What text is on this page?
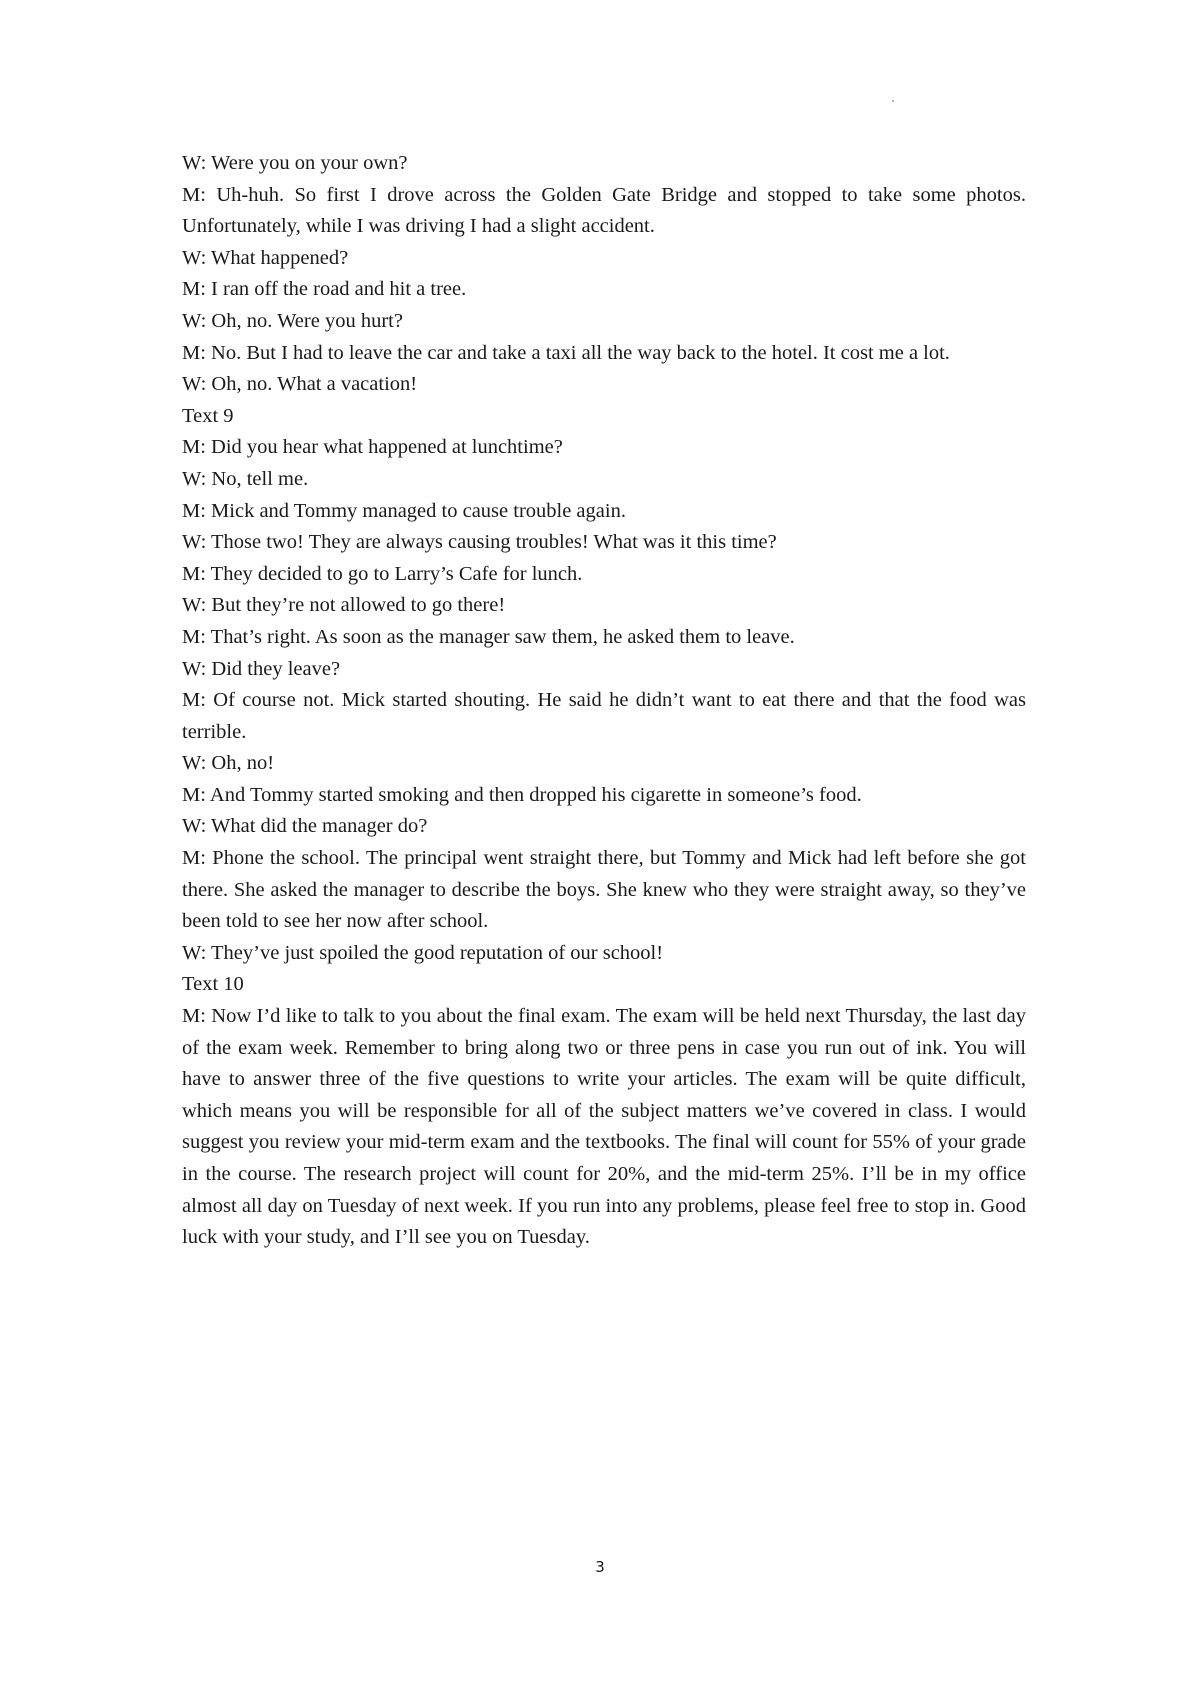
W: Were you on your own?

M: Uh-huh. So first I drove across the Golden Gate Bridge and stopped to take some photos. Unfortunately, while I was driving I had a slight accident.

W: What happened?

M: I ran off the road and hit a tree.

W: Oh, no. Were you hurt?

M: No. But I had to leave the car and take a taxi all the way back to the hotel. It cost me a lot.

W: Oh, no. What a vacation!

Text 9

M: Did you hear what happened at lunchtime?

W: No, tell me.

M: Mick and Tommy managed to cause trouble again.

W: Those two! They are always causing troubles! What was it this time?

M: They decided to go to Larry’s Cafe for lunch.

W: But they’re not allowed to go there!

M: That’s right. As soon as the manager saw them, he asked them to leave.

W: Did they leave?

M: Of course not. Mick started shouting. He said he didn’t want to eat there and that the food was terrible.

W: Oh, no!

M: And Tommy started smoking and then dropped his cigarette in someone’s food.

W: What did the manager do?

M: Phone the school. The principal went straight there, but Tommy and Mick had left before she got there. She asked the manager to describe the boys. She knew who they were straight away, so they’ve been told to see her now after school.

W: They’ve just spoiled the good reputation of our school!

Text 10

M: Now I’d like to talk to you about the final exam. The exam will be held next Thursday, the last day of the exam week. Remember to bring along two or three pens in case you run out of ink. You will have to answer three of the five questions to write your articles. The exam will be quite difficult, which means you will be responsible for all of the subject matters we’ve covered in class. I would suggest you review your mid-term exam and the textbooks. The final will count for 55% of your grade in the course. The research project will count for 20%, and the mid-term 25%. I’ll be in my office almost all day on Tuesday of next week. If you run into any problems, please feel free to stop in. Good luck with your study, and I’ll see you on Tuesday.

3
